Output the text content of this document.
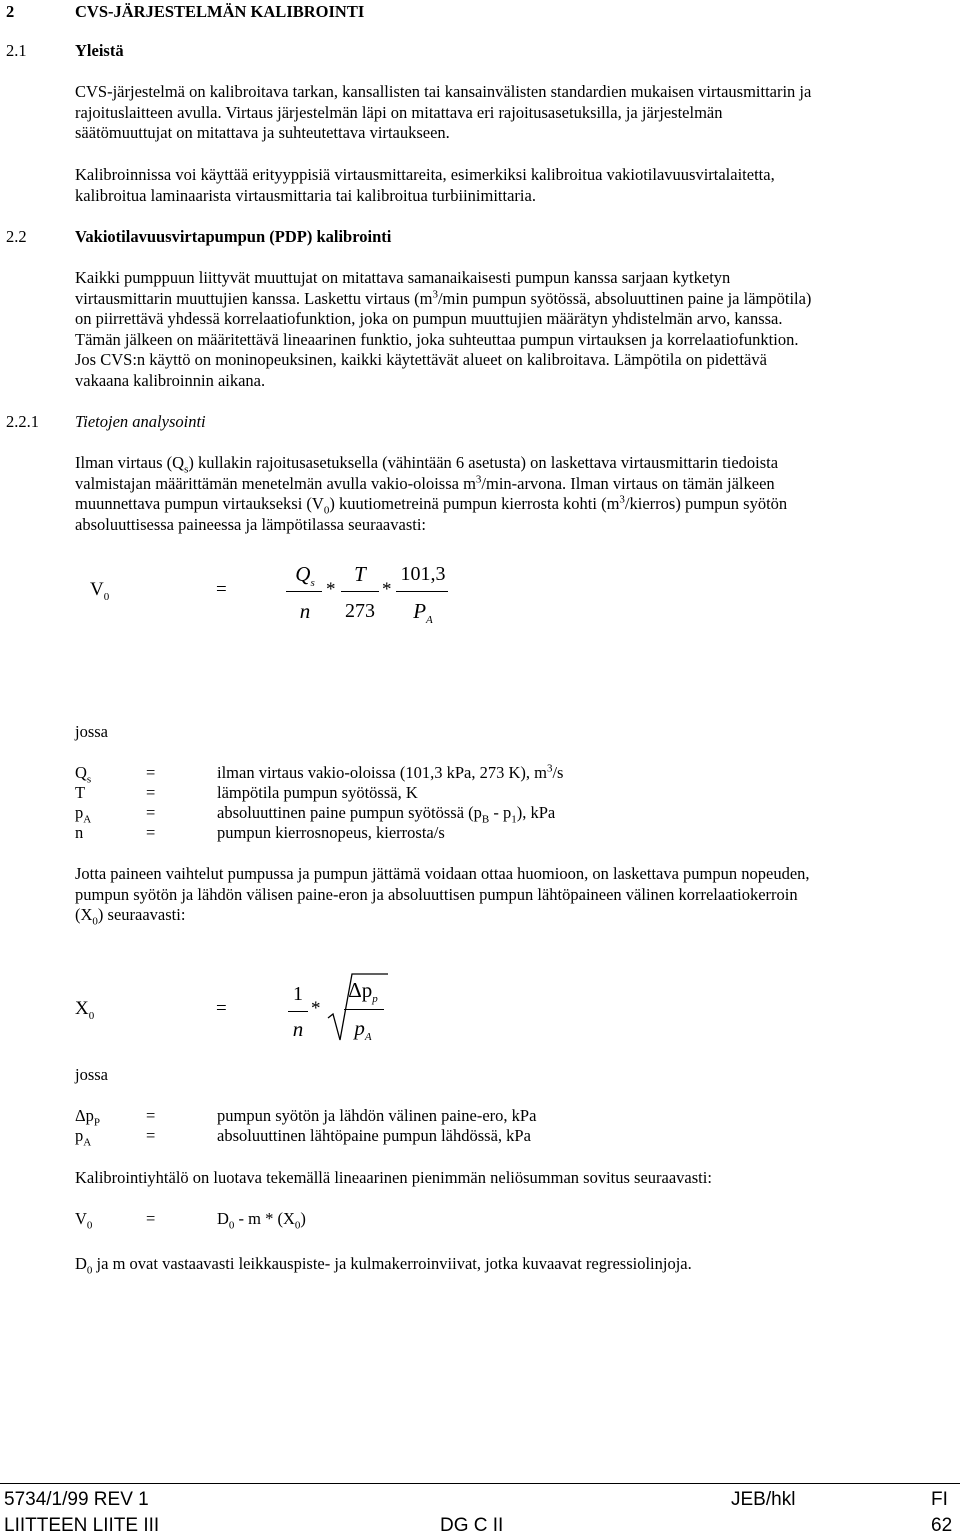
2	CVS-JÄRJESTELMÄN KALIBROINTI
2.1	Yleistä
CVS-järjestelmä on kalibroitava tarkan, kansallisten tai kansainvälisten standardien mukaisen virtausmittarin ja
rajoituslaitteen avulla. Virtaus järjestelmän läpi on mitattava eri rajoitusasetuksilla, ja järjestelmän
säätömuuttujat on mitattava ja suhteutettava virtaukseen.
Kalibroinnissa voi käyttää erityyppisiä virtausmittareita, esimerkiksi kalibroitua vakiotilavuusvirtalaitetta,
kalibroitua laminaarista virtausmittaria tai kalibroitua turbiinimittaria.
2.2	Vakiotilavuusvirtapumpun (PDP) kalibrointi
Kaikki pumppuun liittyvät muuttujat on mitattava samanaikaisesti pumpun kanssa sarjaan kytketyn
virtausmittarin muuttujien kanssa. Laskettu virtaus ($m^3/\min$ pumpun syötössä, absoluuttinen paine ja lämpötila)
on piirrettävä yhdessä korrelaatiofunktion, joka on pumpun muuttujien määrätyn yhdistelmän arvo, kanssa.
Tämän jälkeen on määritettävä lineaarinen funktio, joka suhteuttaa pumpun virtauksen ja korrelaatiofunktion.
Jos CVS:n käyttö on moninopeuksinen, kaikki käytettävät alueet on kalibroitava. Lämpötila on pidettävä
vakaana kalibroinnin aikana.
2.2.1 Tietojen analysointi
Ilman virtaus $(Q_s)$ kullakin rajoitusasetuksella (vähintään 6 asetusta) on laskettava virtausmittarin tiedoista
valmistajan määrittämän menetelmän avulla vakio-oloissa $m^3/\min$-arvona. Ilman virtaus on tämän jälkeen
muunnettava pumpun virtaukseksi $(V_0)$ kuutiometreinä pumpun kierrosta kohti $(m^3/kierros)$ pumpun syötön
absoluuttisessa paineessa ja lämpötilassa seuraavasti:
$V_0$	=
$Q_s$
n
*
T
273
*
101,3
$P_A$
jossa
$Q_s$	=	ilman virtaus vakio-oloissa (101,3 kPa, 273 K), $m^3/s$
T	=	lämpötila pumpun syötössä, K
$p_A$	=	absoluuttinen paine pumpun syötössä $(p_B - p_1)$, kPa
n	=	pumpun kierrosnopeus, kierrosta/s
Jotta paineen vaihtelut pumpussa ja pumpun jättämä voidaan ottaa huomioon, on laskettava pumpun nopeuden,
pumpun syötön ja lähdön välisen paine-eron ja absoluuttisen pumpun lähtöpaineen välinen korrelaatiokerroin
$(X_0)$ seuraavasti:
$X_0$	=
1
n
*
$\Delta p_p$
$p_A$
jossa
$\Delta p_P$	=	pumpun syötön ja lähdön välinen paine-ero, kPa
$p_A$	=	absoluuttinen lähtöpaine pumpun lähdössä, kPa
Kalibrointiyhtälö on luotava tekemällä lineaarinen pienimmän neliösumman sovitus seuraavasti:
$V_0$	=	$D_0$ - m * $(X_0)$
$D_0$ ja m ovat vastaavasti leikkauspiste- ja kulmakerroinviivat, jotka kuvaavat regressiolinjoja.
5734/1/99 REV 1	JEB/hkl	FI
LIITTEEN LIITE III	DG C II	62
